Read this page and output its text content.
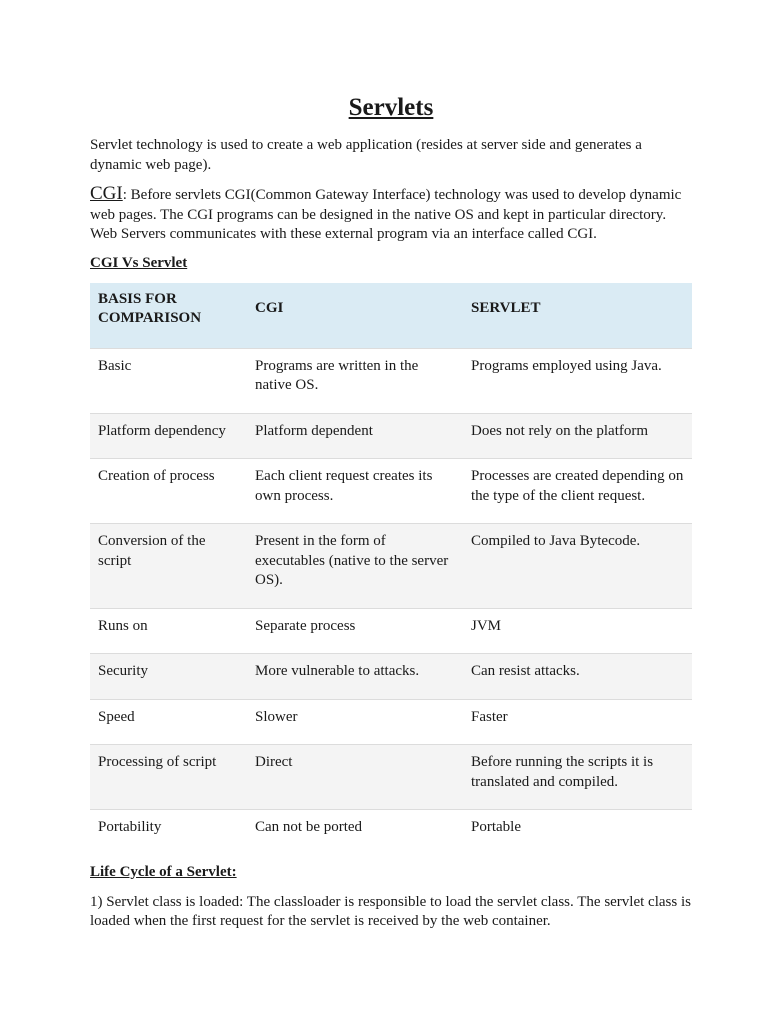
Servlets

Servlet technology is used to create a web application (resides at server side and generates a dynamic web page).

CGI: Before servlets CGI(Common Gateway Interface) technology was used to develop dynamic web pages. The CGI programs can be designed in the native OS and kept in particular directory. Web Servers communicates with these external program via an interface called CGI.

CGI Vs Servlet
BASIS FOR COMPARISON	CGI	SERVLET
Basic	Programs are written in the native OS.	Programs employed using Java.
Platform dependency	Platform dependent	Does not rely on the platform
Creation of process	Each client request creates its own process.	Processes are created depending on the type of the client request.
Conversion of the script	Present in the form of executables (native to the server OS).	Compiled to Java Bytecode.
Runs on	Separate process	JVM
Security	More vulnerable to attacks.	Can resist attacks.
Speed	Slower	Faster
Processing of script	Direct	Before running the scripts it is translated and compiled.
Portability	Can not be ported	Portable
Life Cycle of a Servlet:

1) Servlet class is loaded: The classloader is responsible to load the servlet class. The servlet class is loaded when the first request for the servlet is received by the web container.
